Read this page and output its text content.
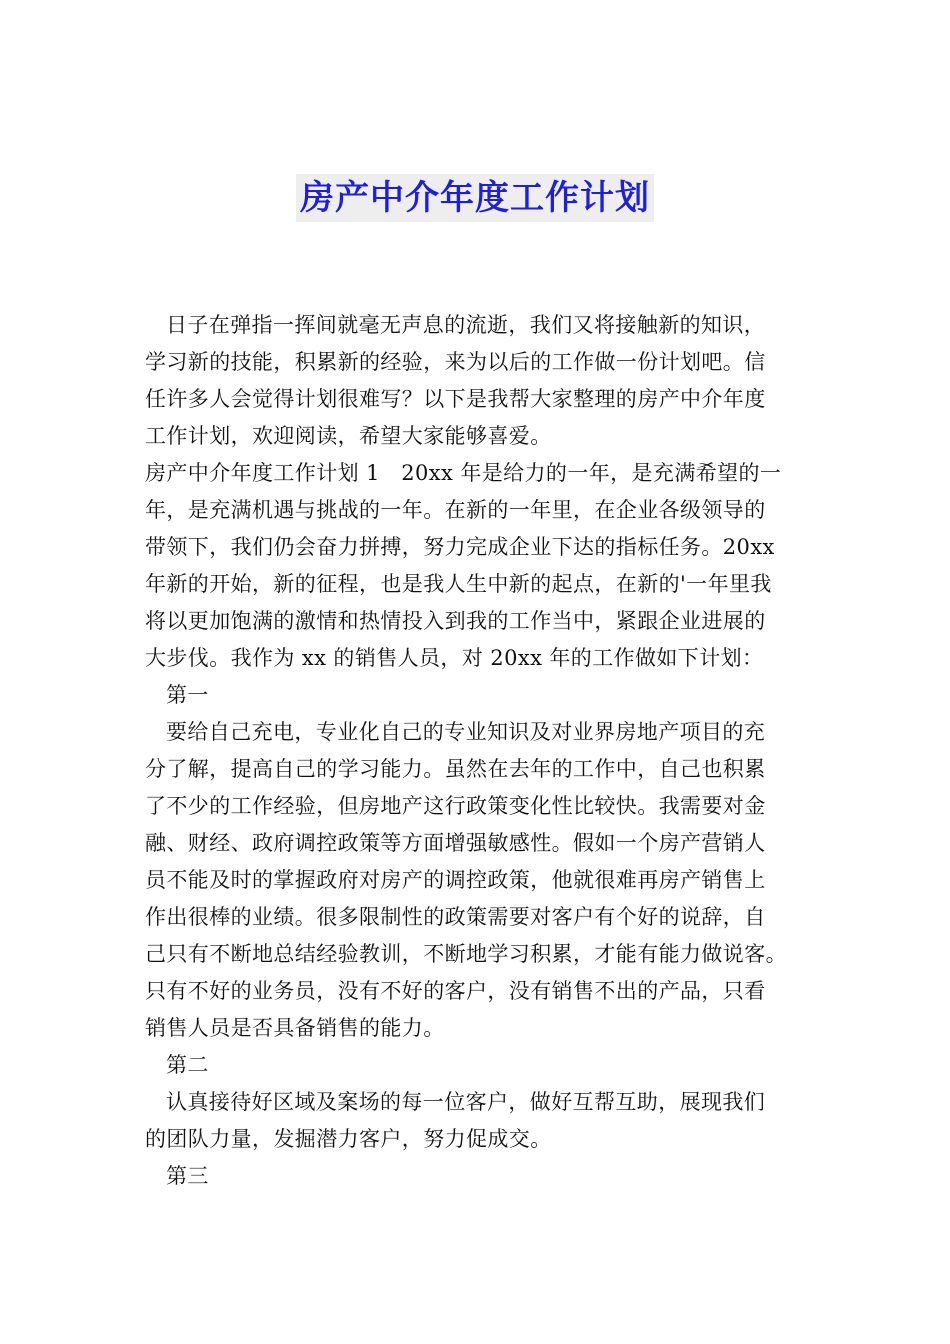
房产中介年度工作计划
日子在弹指一挥间就毫无声息的流逝，我们又将接触新的知识，
学习新的技能，积累新的经验，来为以后的工作做一份计划吧。信
任许多人会觉得计划很难写？以下是我帮大家整理的房产中介年度
工作计划，欢迎阅读，希望大家能够喜爱。
房产中介年度工作计划 1　20xx 年是给力的一年，是充满希望的一
年，是充满机遇与挑战的一年。在新的一年里，在企业各级领导的
带领下，我们仍会奋力拼搏，努力完成企业下达的指标任务。20xx
年新的开始，新的征程，也是我人生中新的起点，在新的'一年里我
将以更加饱满的激情和热情投入到我的工作当中，紧跟企业进展的
大步伐。我作为 xx 的销售人员，对 20xx 年的工作做如下计划：
第一
要给自己充电，专业化自己的专业知识及对业界房地产项目的充
分了解，提高自己的学习能力。虽然在去年的工作中，自己也积累
了不少的工作经验，但房地产这行政策变化性比较快。我需要对金
融、财经、政府调控政策等方面增强敏感性。假如一个房产营销人
员不能及时的掌握政府对房产的调控政策，他就很难再房产销售上
作出很棒的业绩。很多限制性的政策需要对客户有个好的说辞，自
己只有不断地总结经验教训，不断地学习积累，才能有能力做说客。
只有不好的业务员，没有不好的客户，没有销售不出的产品，只看
销售人员是否具备销售的能力。
第二
认真接待好区域及案场的每一位客户，做好互帮互助，展现我们
的团队力量，发掘潜力客户，努力促成交。
第三
